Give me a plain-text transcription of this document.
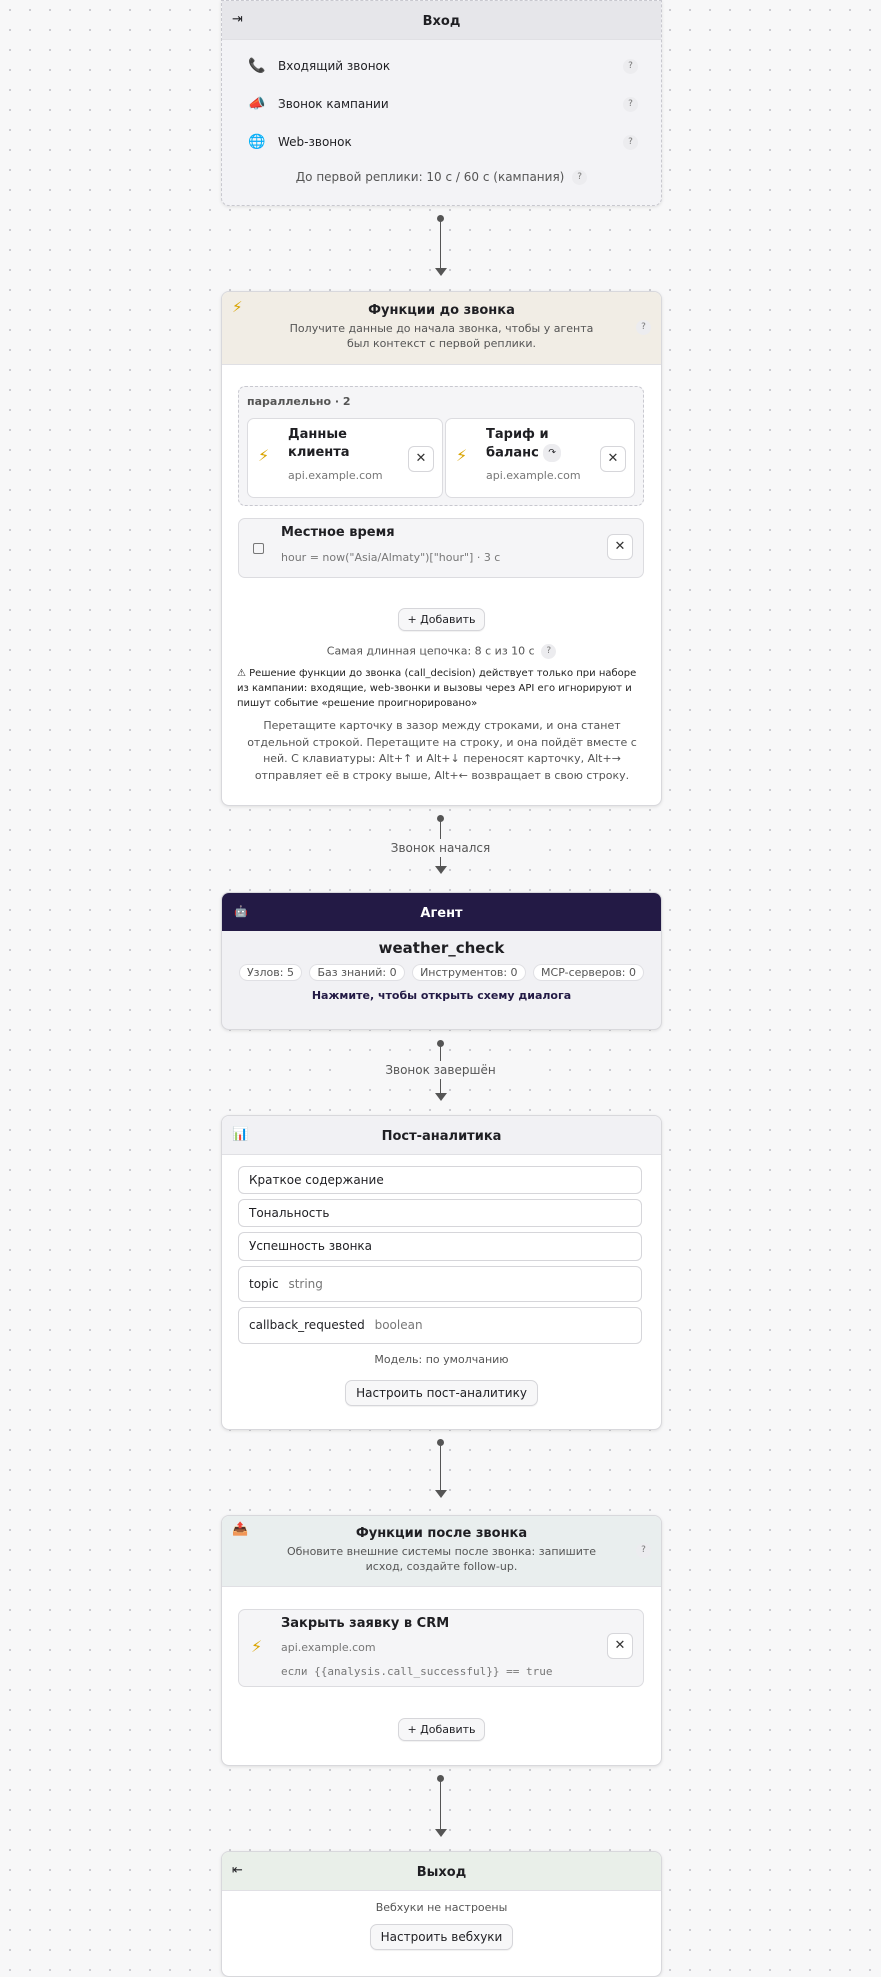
⇥	Вход
📞 Входящий звонок	?
📣 Звонок кампании	?
🌐 Web-звонок	?
До первой реплики: 10 с / 60 с (кампания) ?
⚡	Функции до звонка
Получите данные до начала звонка, чтобы у агента был контекст с первой реплики.
?
параллельно · 2
⚡
Данные клиента
api.example.com
✕	⚡
Тариф и баланс ↷
api.example.com
✕
Местное время
hour = now("Asia/Almaty")["hour"] · 3 с
✕
+ Добавить
Самая длинная цепочка: 8 с из 10 с ?
⚠ Решение функции до звонка (call_decision) действует только при наборе из кампании: входящие, web-звонки и вызовы через API его игнорируют и пишут событие «решение проигнорировано»
Перетащите карточку в зазор между строками, и она станет отдельной строкой. Перетащите на строку, и она пойдёт вместе с ней. С клавиатуры: Alt+↑ и Alt+↓ переносят карточку, Alt+→ отправляет её в строку выше, Alt+← возвращает в свою строку.
Звонок начался
🤖	Агент
weather_check
Узлов: 5 Баз знаний: 0 Инструментов: 0 MCP-серверов: 0
Нажмите, чтобы открыть схему диалога
Звонок завершён
📊	Пост-аналитика
Краткое содержание
Тональность
Успешность звонка
topic string
callback_requested boolean
Модель: по умолчанию
Настроить пост-аналитику
📤	Функции после звонка
Обновите внешние системы после звонка: запишите исход, создайте follow-up.
?
⚡
Закрыть заявку в CRM
api.example.com
если {{analysis.call_successful}} == true
✕
+ Добавить
⇤	Выход
Вебхуки не настроены
Настроить вебхуки
